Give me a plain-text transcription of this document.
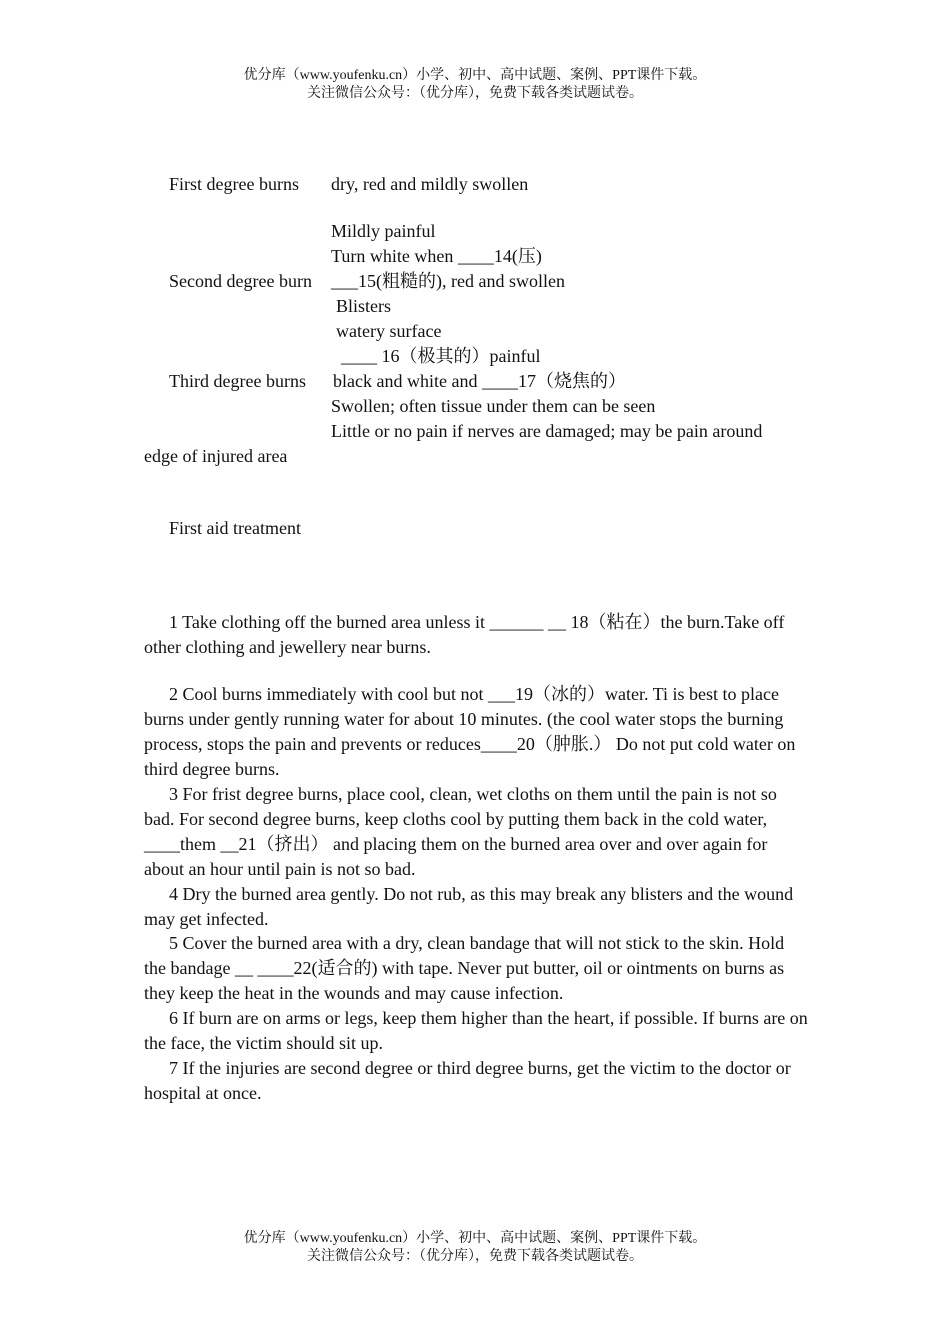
优分库（www.youfenku.cn）小学、初中、高中试题、案例、PPT课件下载。
关注微信公众号：（优分库），免费下载各类试题试卷。
First degree burns dry, red and mildly swollen
Mildly painful
Turn white when ____14(压)
Second degree burn ___15(粗糙的), red and swollen
Blisters
watery surface
____ 16（极其的）painful
Third degree burns black and white and ____17（烧焦的）
Swollen; often tissue under them can be seen
Little or no pain if nerves are damaged; may be pain around
edge of injured area
First aid treatment
1 Take clothing off the burned area unless it ______ __ 18（粘在）the burn.Take off other clothing and jewellery near burns.
2 Cool burns immediately with cool but not ___19（冰的）water. Ti is best to place burns under gently running water for about 10 minutes. (the cool water stops the burning process, stops the pain and prevents or reduces____20（肿胀.） Do not put cold water on third degree burns.
3 For frist degree burns, place cool, clean, wet cloths on them until the pain is not so bad. For second degree burns, keep cloths cool by putting them back in the cold water, ____them __21（挤出） and placing them on the burned area over and over again for about an hour until pain is not so bad.
4 Dry the burned area gently. Do not rub, as this may break any blisters and the wound may get infected.
5 Cover the burned area with a dry, clean bandage that will not stick to the skin. Hold the bandage __ ____22(适合的) with tape. Never put butter, oil or ointments on burns as they keep the heat in the wounds and may cause infection.
6 If burn are on arms or legs, keep them higher than the heart, if possible. If burns are on the face, the victim should sit up.
7 If the injuries are second degree or third degree burns, get the victim to the doctor or hospital at once.
优分库（www.youfenku.cn）小学、初中、高中试题、案例、PPT课件下载。
关注微信公众号：（优分库），免费下载各类试题试卷。
